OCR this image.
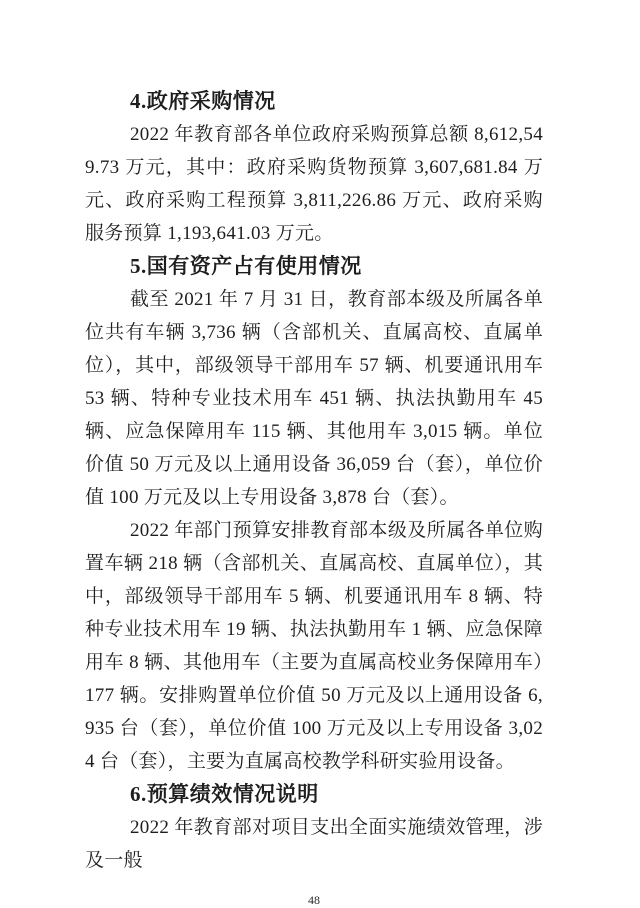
4.政府采购情况

2022 年教育部各单位政府采购预算总额 8,612,549.73 万元，其中：政府采购货物预算 3,607,681.84 万元、政府采购工程预算 3,811,226.86 万元、政府采购服务预算 1,193,641.03 万元。

5.国有资产占有使用情况

截至 2021 年 7 月 31 日，教育部本级及所属各单位共有车辆 3,736 辆（含部机关、直属高校、直属单位），其中，部级领导干部用车 57 辆、机要通讯用车 53 辆、特种专业技术用车 451 辆、执法执勤用车 45 辆、应急保障用车 115 辆、其他用车 3,015 辆。单位价值 50 万元及以上通用设备 36,059 台（套），单位价值 100 万元及以上专用设备 3,878 台（套）。

2022 年部门预算安排教育部本级及所属各单位购置车辆 218 辆（含部机关、直属高校、直属单位），其中，部级领导干部用车 5 辆、机要通讯用车 8 辆、特种专业技术用车 19 辆、执法执勤用车 1 辆、应急保障用车 8 辆、其他用车（主要为直属高校业务保障用车）177 辆。安排购置单位价值 50 万元及以上通用设备 6,935 台（套），单位价值 100 万元及以上专用设备 3,024 台（套），主要为直属高校教学科研实验用设备。

6.预算绩效情况说明

2022 年教育部对项目支出全面实施绩效管理，涉及一般

48
